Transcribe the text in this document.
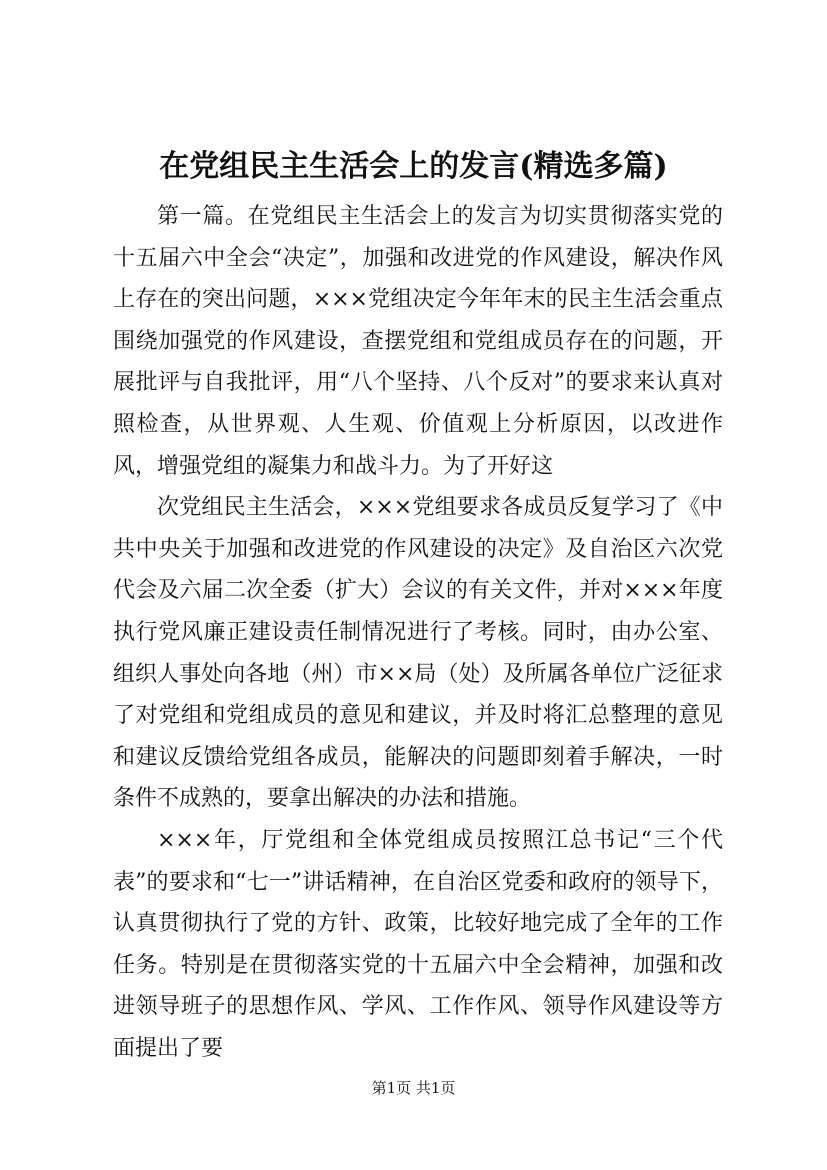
在党组民主生活会上的发言(精选多篇)

第一篇。在党组民主生活会上的发言为切实贯彻落实党的十五届六中全会“决定”，加强和改进党的作风建设，解决作风上存在的突出问题，×××党组决定今年年末的民主生活会重点围绕加强党的作风建设，查摆党组和党组成员存在的问题，开展批评与自我批评，用“八个坚持、八个反对”的要求来认真对照检查，从世界观、人生观、价值观上分析原因，以改进作风，增强党组的凝集力和战斗力。为了开好这

次党组民主生活会，×××党组要求各成员反复学习了《中共中央关于加强和改进党的作风建设的决定》及自治区六次党代会及六届二次全委（扩大）会议的有关文件，并对×××年度执行党风廉正建设责任制情况进行了考核。同时，由办公室、组织人事处向各地（州）市××局（处）及所属各单位广泛征求了对党组和党组成员的意见和建议，并及时将汇总整理的意见和建议反馈给党组各成员，能解决的问题即刻着手解决，一时条件不成熟的，要拿出解决的办法和措施。

×××年，厅党组和全体党组成员按照江总书记“三个代表”的要求和“七一”讲话精神，在自治区党委和政府的领导下，认真贯彻执行了党的方针、政策，比较好地完成了全年的工作任务。特别是在贯彻落实党的十五届六中全会精神，加强和改进领导班子的思想作风、学风、工作作风、领导作风建设等方面提出了要

第1页 共1页
